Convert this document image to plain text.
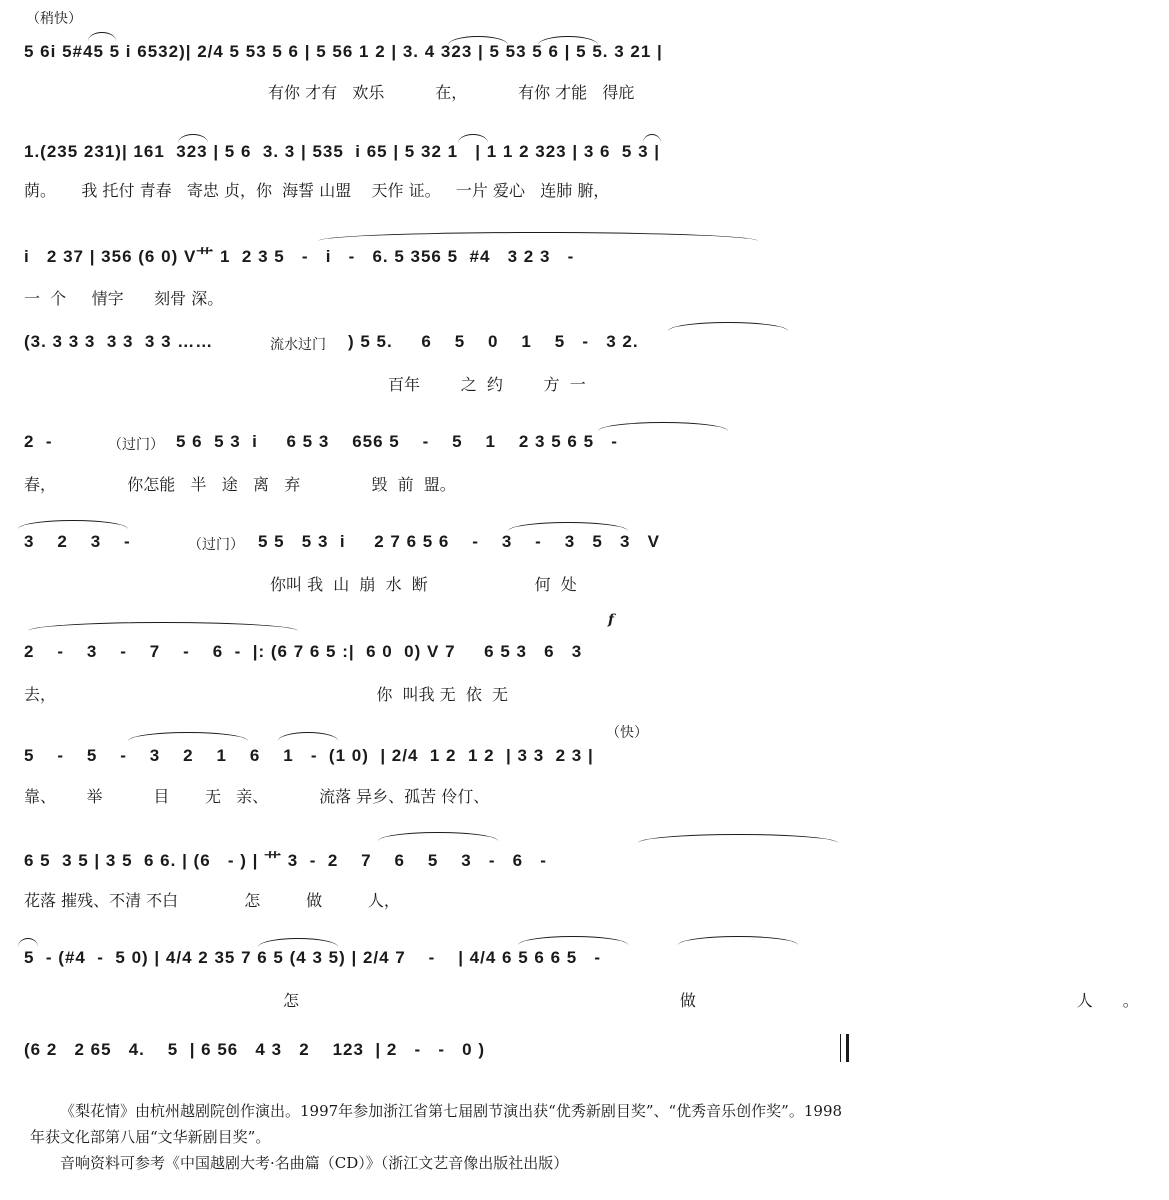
（稍快）
5 6i 5#45 5 i 6532)| 2/4 5 53 5 6 | 5 56 1 2 | 3. 4 323 | 5 53 5 6 | 5 5. 3 21 |
有你 才有   欢乐          在，          有你 才能   得庇
1.(235 231)| 161  323 | 5 6  3. 3 | 535  i 65 | 5 32 1   | 1 1 2 323 | 3 6  5 3 |
荫。     我 托付 青春   寄忠 贞，你  海誓 山盟    天作 证。   一片 爱心   连肺 腑，
i   2 37 | 356 (6 0) V艹 1  2 3 5   -   i   -   6. 5 356 5  #4   3 2 3   -
一  个     情字      刻骨 深。
(3. 3 3 3  3 3  3 3 ……	流水过门 ) 5 5.     6    5    0    1    5   -   3 2.
百年        之  约        方  一
2  -	（过门） 5 6  5 3  i     6 5 3    656 5    -    5    1    2 3 5 6 5   -
春，              你怎能   半   途   离   弃              毁  前  盟。
3    2    3    -	（过门） 5 5   5 3  i     2 7 6 5 6    -    3    -    3   5   3   V
你叫 我  山  崩  水  断                     何  处
f
2    -    3    -    7    -    6  -  |: (6 7 6 5 :|  6 0  0) V 7     6 5 3   6   3
去，                                                               你  叫我 无  依  无
（快）
5    -    5    -    3    2    1    6    1   -  (1 0)  | 2/4  1 2  1 2  | 3 3  2 3 |
靠、      举          目       无   亲、          流落 异乡、孤苦 伶仃、
6 5  3 5 | 3 5  6 6. | (6   - ) | 艹 3  -  2    7    6    5    3   -   6   -
花落 摧残、不清 不白             怎         做         人，
5  - (#4  -  5 0) | 4/4 2 35 7 6 5 (4 3 5) | 2/4 7    -    | 4/4 6 5 6 6 5   -
怎          做          人。
(6 2   2 65   4.    5  | 6 56   4 3   2    123  | 2   -   -   0 )
《梨花情》由杭州越剧院创作演出。1997年参加浙江省第七届剧节演出获“优秀新剧目奖”、“优秀音乐创作奖”。1998年获文化部第八届“文华新剧目奖”。
音响资料可参考《中国越剧大考·名曲篇（CD）》（浙江文艺音像出版社出版）
